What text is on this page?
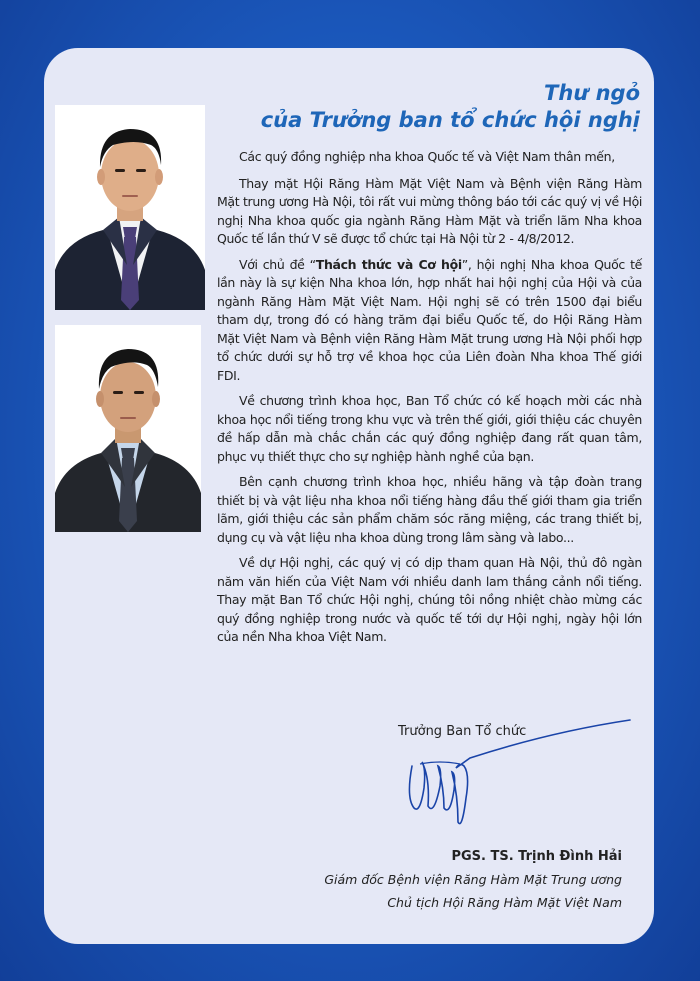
Thư ngỏ
của Trưởng ban tổ chức hội nghị

Các quý đồng nghiệp nha khoa Quốc tế và Việt Nam thân mến,

Thay mặt Hội Răng Hàm Mặt Việt Nam và Bệnh viện Răng Hàm Mặt trung ương Hà Nội, tôi rất vui mừng thông báo tới các quý vị về Hội nghị Nha khoa quốc gia ngành Răng Hàm Mặt và triển lãm Nha khoa Quốc tế lần thứ V sẽ được tổ chức tại Hà Nội từ 2 - 4/8/2012.

Với chủ đề “Thách thức và Cơ hội”, hội nghị Nha khoa Quốc tế lần này là sự kiện Nha khoa lớn, hợp nhất hai hội nghị của Hội và của ngành Răng Hàm Mặt Việt Nam. Hội nghị sẽ có trên 1500 đại biểu tham dự, trong đó có hàng trăm đại biểu Quốc tế, do Hội Răng Hàm Mặt Việt Nam và Bệnh viện Răng Hàm Mặt trung ương Hà Nội phối hợp tổ chức dưới sự hỗ trợ về khoa học của Liên đoàn Nha khoa Thế giới FDI.

Về chương trình khoa học, Ban Tổ chức có kế hoạch mời các nhà khoa học nổi tiếng trong khu vực và trên thế giới, giới thiệu các chuyên đề hấp dẫn mà chắc chắn các quý đồng nghiệp đang rất quan tâm, phục vụ thiết thực cho sự nghiệp hành nghề của bạn.

Bên cạnh chương trình khoa học, nhiều hãng và tập đoàn trang thiết bị và vật liệu nha khoa nổi tiếng hàng đầu thế giới tham gia triển lãm, giới thiệu các sản phẩm chăm sóc răng miệng, các trang thiết bị, dụng cụ và vật liệu nha khoa dùng trong lâm sàng và labo...

Về dự Hội nghị, các quý vị có dịp tham quan Hà Nội, thủ đô ngàn năm văn hiến của Việt Nam với nhiều danh lam thắng cảnh nổi tiếng. Thay mặt Ban Tổ chức Hội nghị, chúng tôi nồng nhiệt chào mừng các quý đồng nghiệp trong nước và quốc tế tới dự Hội nghị, ngày hội lớn của nền Nha khoa Việt Nam.

Trưởng Ban Tổ chức
PGS. TS. Trịnh Đình Hải
Giám đốc Bệnh viện Răng Hàm Mặt Trung ương
Chủ tịch Hội Răng Hàm Mặt Việt Nam
